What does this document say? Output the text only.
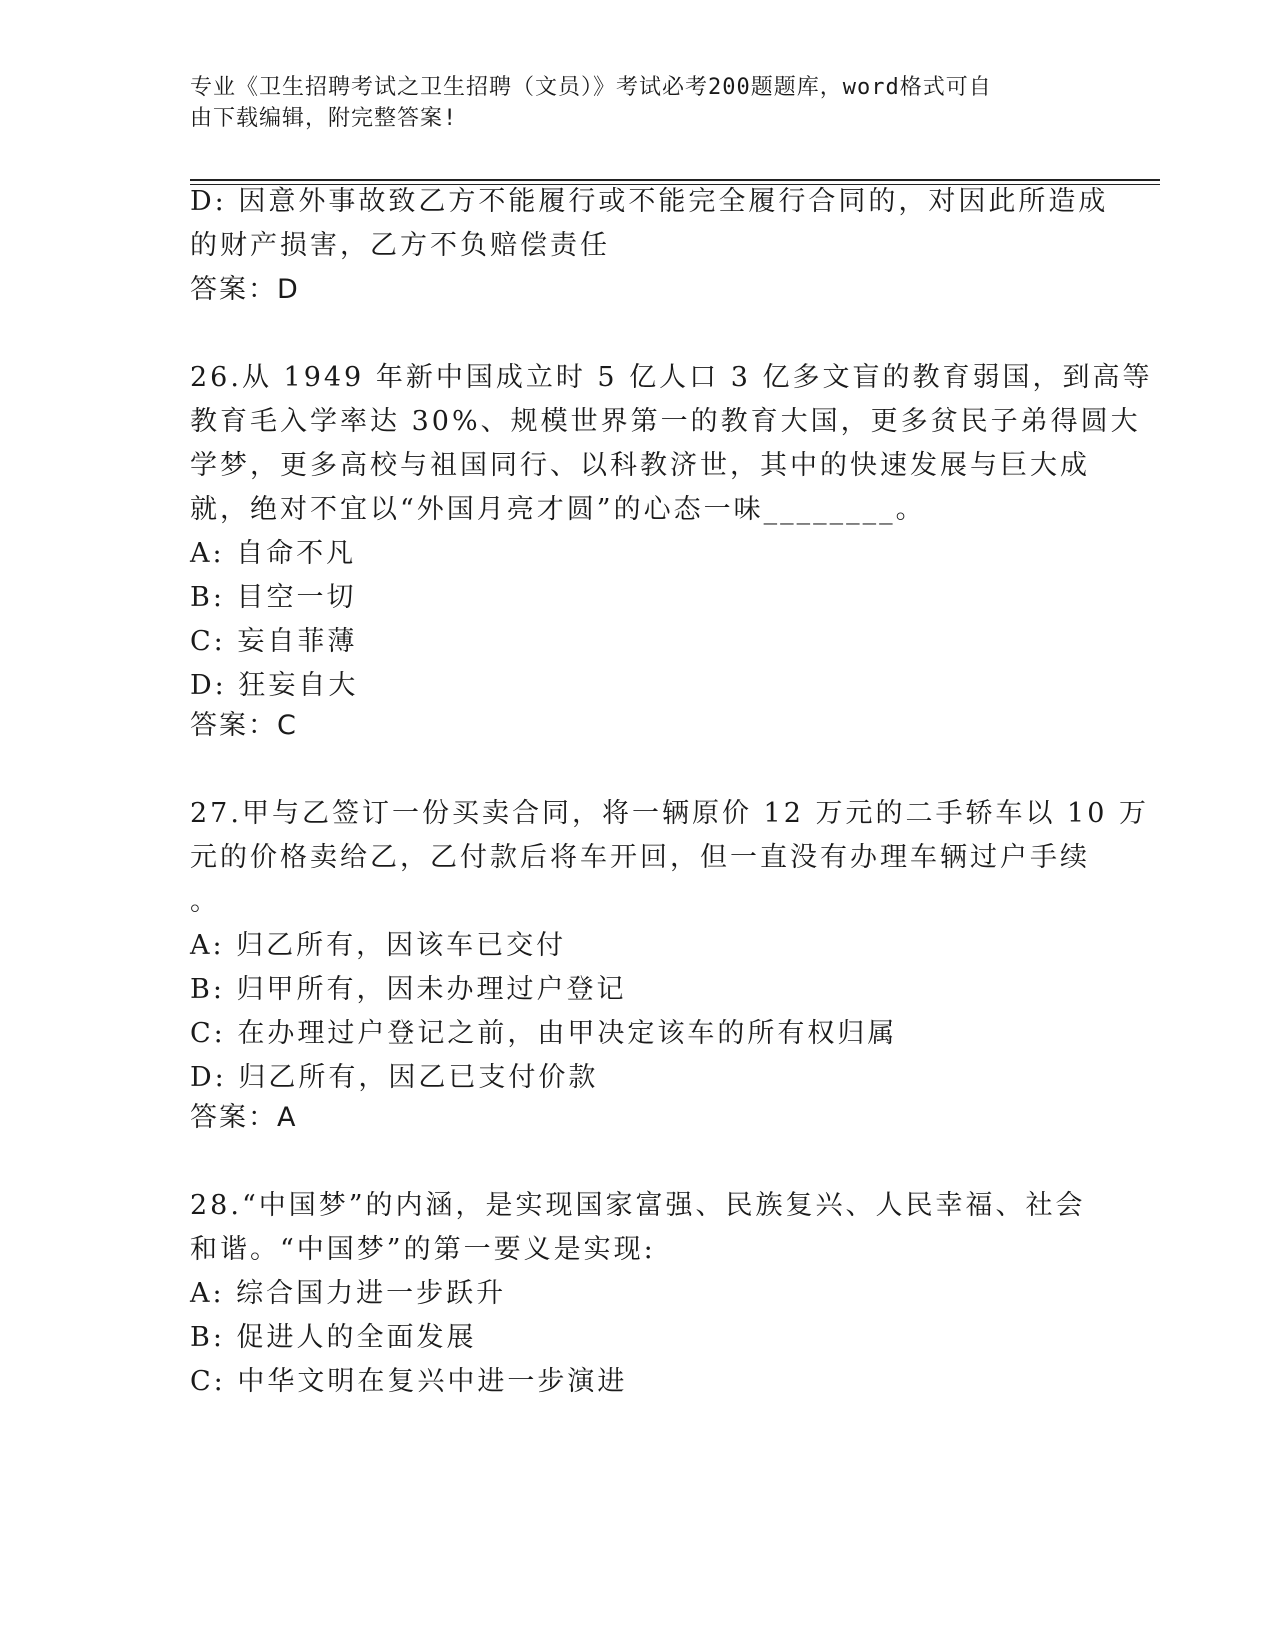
专业《卫生招聘考试之卫生招聘（文员）》考试必考200题题库，word格式可自
由下载编辑，附完整答案!
D: 因意外事故致乙方不能履行或不能完全履行合同的，对因此所造成
的财产损害，乙方不负赔偿责任
答案：D
26.从 1949 年新中国成立时 5 亿人口 3 亿多文盲的教育弱国，到高等
教育毛入学率达 30%、规模世界第一的教育大国，更多贫民子弟得圆大
学梦，更多高校与祖国同行、以科教济世，其中的快速发展与巨大成
就，绝对不宜以“外国月亮才圆”的心态一味________。
A: 自命不凡
B: 目空一切
C: 妄自菲薄
D: 狂妄自大
答案：C
27.甲与乙签订一份买卖合同，将一辆原价 12 万元的二手轿车以 10 万
元的价格卖给乙，乙付款后将车开回，但一直没有办理车辆过户手续
。
A: 归乙所有，因该车已交付
B: 归甲所有，因未办理过户登记
C: 在办理过户登记之前，由甲决定该车的所有权归属
D: 归乙所有，因乙已支付价款
答案：A
28.“中国梦”的内涵，是实现国家富强、民族复兴、人民幸福、社会
和谐。“中国梦”的第一要义是实现:
A: 综合国力进一步跃升
B: 促进人的全面发展
C: 中华文明在复兴中进一步演进
